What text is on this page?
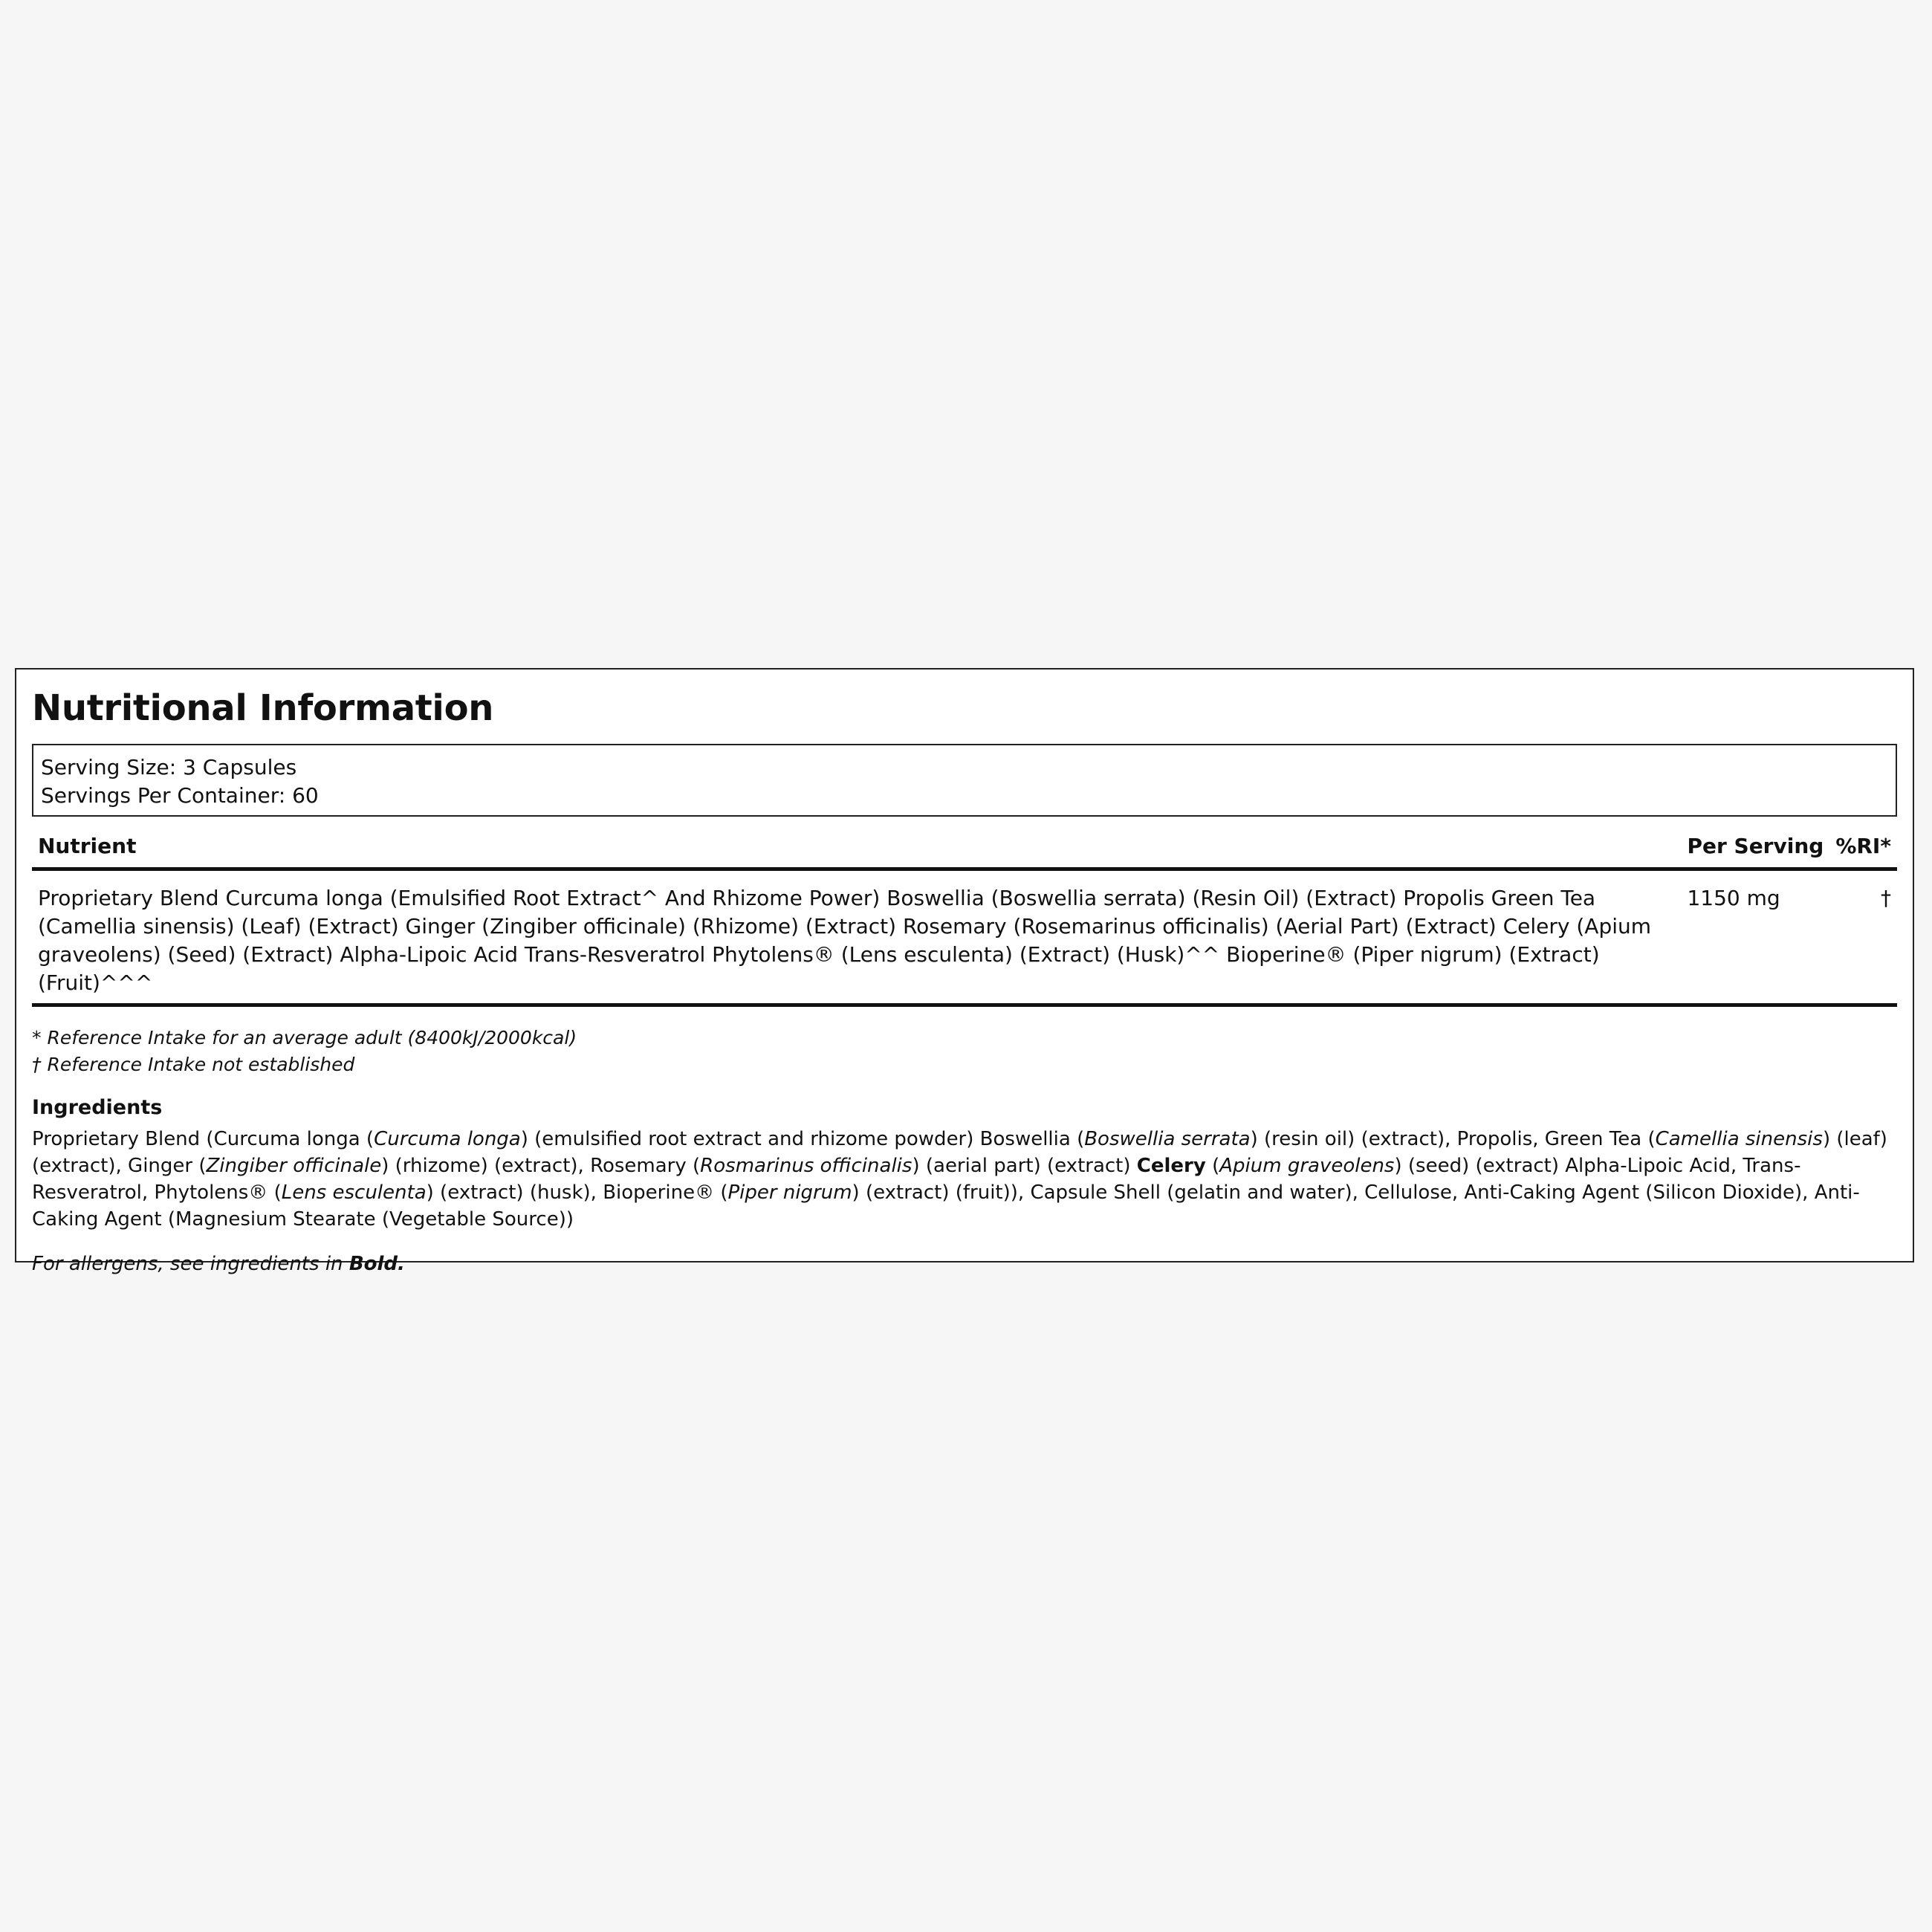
Nutritional Information
Serving Size: 3 Capsules
Servings Per Container: 60
Nutrient	Per Serving	%RI*
Proprietary Blend Curcuma longa (Emulsified Root Extract^ And Rhizome Power) Boswellia (Boswellia serrata) (Resin Oil) (Extract) Propolis Green Tea (Camellia sinensis) (Leaf) (Extract) Ginger (Zingiber officinale) (Rhizome) (Extract) Rosemary (Rosemarinus officinalis) (Aerial Part) (Extract) Celery (Apium graveolens) (Seed) (Extract) Alpha-Lipoic Acid Trans-Resveratrol Phytolens® (Lens esculenta) (Extract) (Husk)^^ Bioperine® (Piper nigrum) (Extract) (Fruit)^^^	1150 mg	†
* Reference Intake for an average adult (8400kJ/2000kcal)
† Reference Intake not established
Ingredients
Proprietary Blend (Curcuma longa (Curcuma longa) (emulsified root extract and rhizome powder) Boswellia (Boswellia serrata) (resin oil) (extract), Propolis, Green Tea (Camellia sinensis) (leaf) (extract), Ginger (Zingiber officinale) (rhizome) (extract), Rosemary (Rosmarinus officinalis) (aerial part) (extract) Celery (Apium graveolens) (seed) (extract) Alpha-Lipoic Acid, Trans-Resveratrol, Phytolens® (Lens esculenta) (extract) (husk), Bioperine® (Piper nigrum) (extract) (fruit)), Capsule Shell (gelatin and water), Cellulose, Anti-Caking Agent (Silicon Dioxide), Anti-Caking Agent (Magnesium Stearate (Vegetable Source))
For allergens, see ingredients in Bold.
